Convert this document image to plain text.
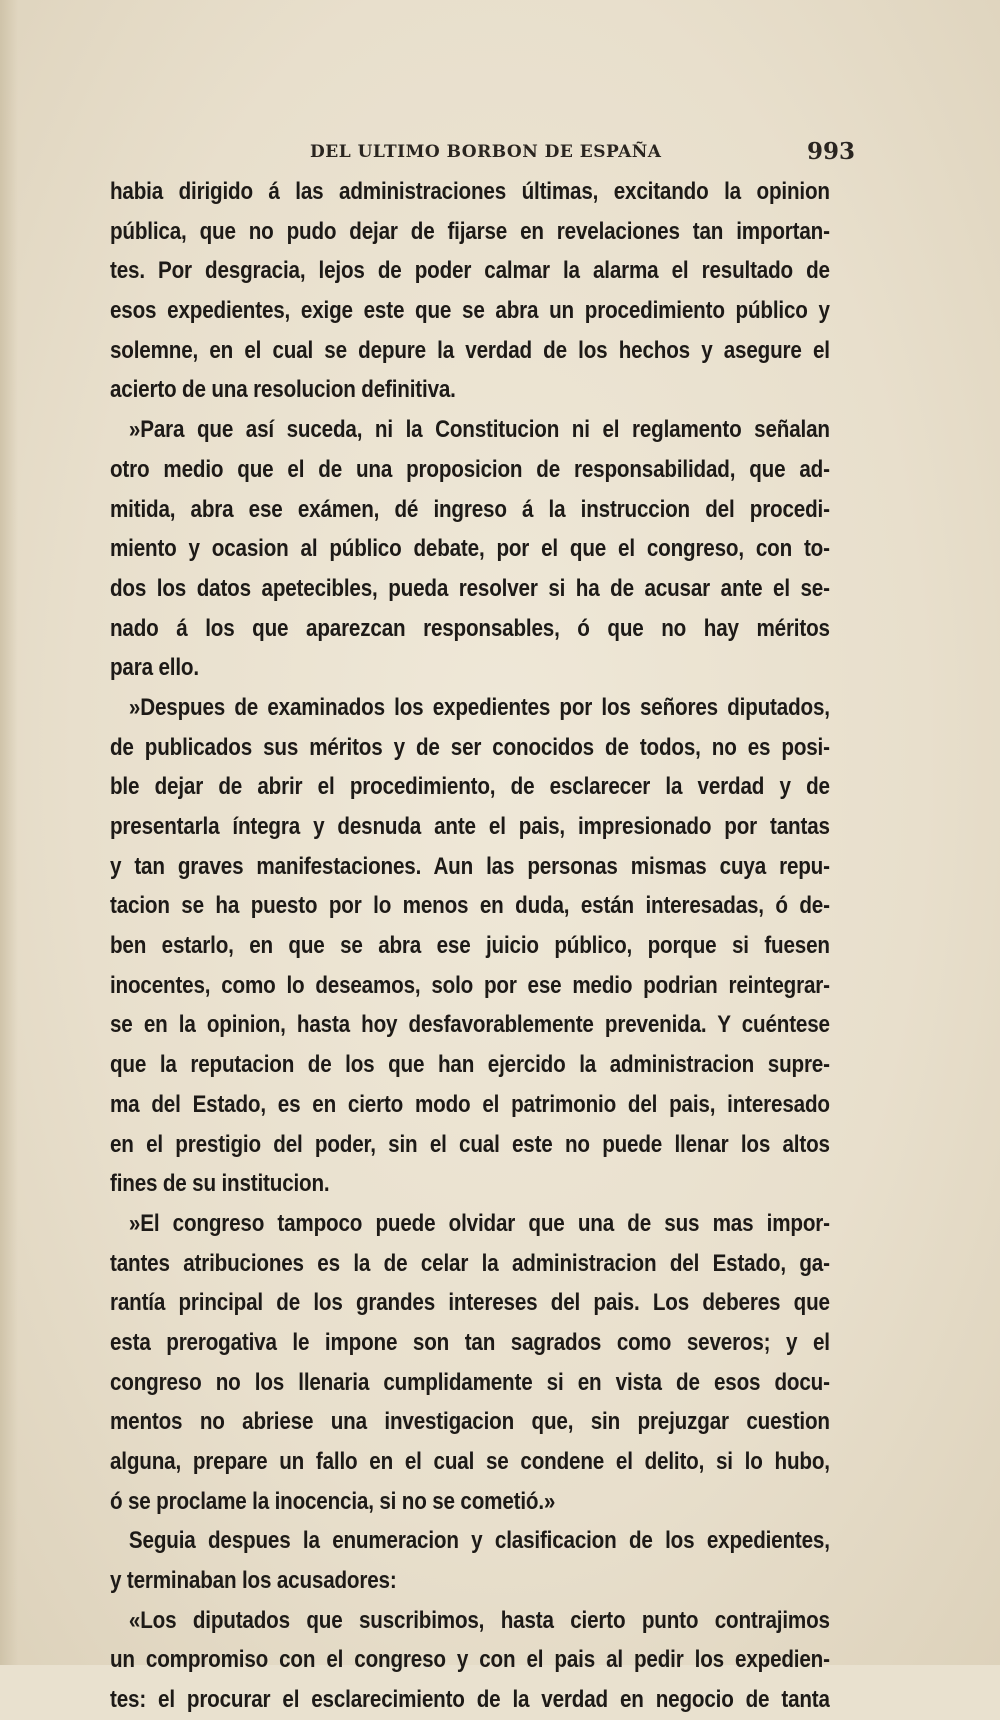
DEL ULTIMO BORBON DE ESPAÑA	993
habia dirigido á las administraciones últimas, excitando la opinion
pública, que no pudo dejar de fijarse en revelaciones tan importan-
tes. Por desgracia, lejos de poder calmar la alarma el resultado de
esos expedientes, exige este que se abra un procedimiento público y
solemne, en el cual se depure la verdad de los hechos y asegure el
acierto de una resolucion definitiva.
»Para que así suceda, ni la Constitucion ni el reglamento señalan
otro medio que el de una proposicion de responsabilidad, que ad-
mitida, abra ese exámen, dé ingreso á la instruccion del procedi-
miento y ocasion al público debate, por el que el congreso, con to-
dos los datos apetecibles, pueda resolver si ha de acusar ante el se-
nado á los que aparezcan responsables, ó que no hay méritos
para ello.
»Despues de examinados los expedientes por los señores diputados,
de publicados sus méritos y de ser conocidos de todos, no es posi-
ble dejar de abrir el procedimiento, de esclarecer la verdad y de
presentarla íntegra y desnuda ante el pais, impresionado por tantas
y tan graves manifestaciones. Aun las personas mismas cuya repu-
tacion se ha puesto por lo menos en duda, están interesadas, ó de-
ben estarlo, en que se abra ese juicio público, porque si fuesen
inocentes, como lo deseamos, solo por ese medio podrian reintegrar-
se en la opinion, hasta hoy desfavorablemente prevenida. Y cuéntese
que la reputacion de los que han ejercido la administracion supre-
ma del Estado, es en cierto modo el patrimonio del pais, interesado
en el prestigio del poder, sin el cual este no puede llenar los altos
fines de su institucion.
»El congreso tampoco puede olvidar que una de sus mas impor-
tantes atribuciones es la de celar la administracion del Estado, ga-
rantía principal de los grandes intereses del pais. Los deberes que
esta prerogativa le impone son tan sagrados como severos; y el
congreso no los llenaria cumplidamente si en vista de esos docu-
mentos no abriese una investigacion que, sin prejuzgar cuestion
alguna, prepare un fallo en el cual se condene el delito, si lo hubo,
ó se proclame la inocencia, si no se cometió.»
Seguia despues la enumeracion y clasificacion de los expedientes,
y terminaban los acusadores:
«Los diputados que suscribimos, hasta cierto punto contrajimos
un compromiso con el congreso y con el pais al pedir los expedien-
tes: el procurar el esclarecimiento de la verdad en negocio de tanta
